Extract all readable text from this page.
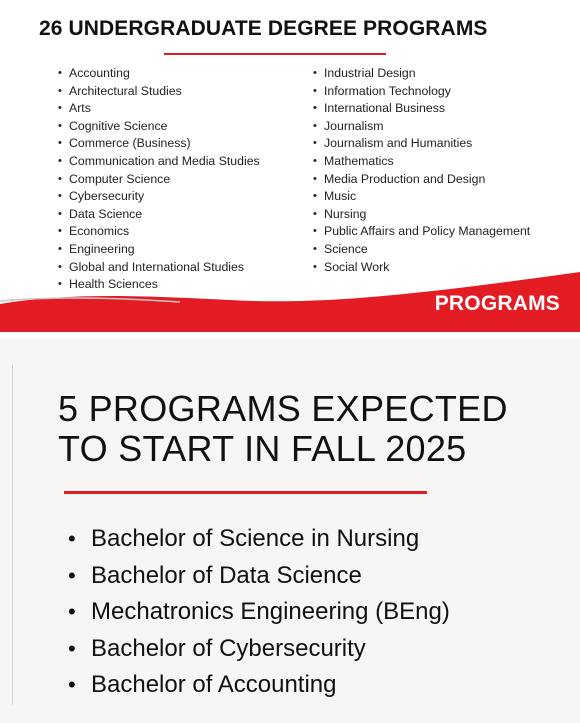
26 UNDERGRADUATE DEGREE PROGRAMS
• Accounting
• Architectural Studies
• Arts
• Cognitive Science
• Commerce (Business)
• Communication and Media Studies
• Computer Science
• Cybersecurity
• Data Science
• Economics
• Engineering
• Global and International Studies
• Health Sciences
•
• Industrial Design
• Information Technology
• International Business
• Journalism
• Journalism and Humanities
• Mathematics
• Media Production and Design
• Music
• Nursing
• Public Affairs and Policy Management
• Science
• Social Work
PROGRAMS
5 PROGRAMS EXPECTED
TO START IN FALL 2025
• Bachelor of Science in Nursing
• Bachelor of Data Science
• Mechatronics Engineering (BEng)
• Bachelor of Cybersecurity
• Bachelor of Accounting
